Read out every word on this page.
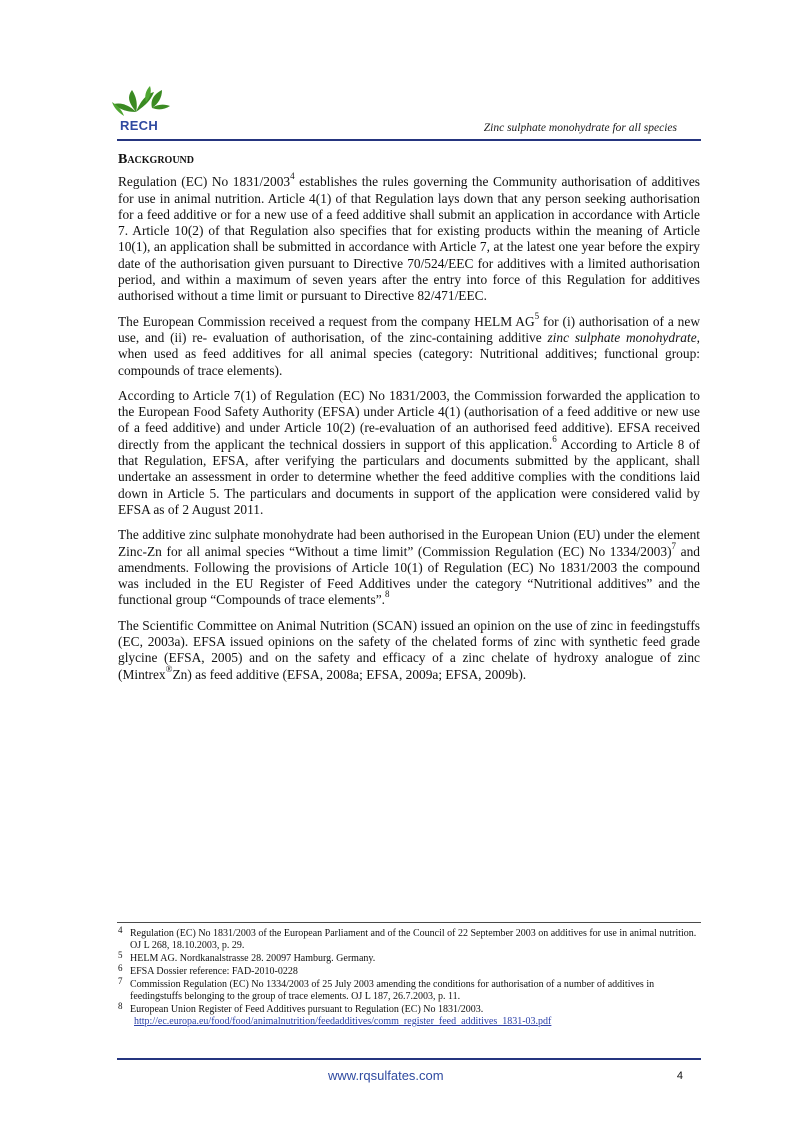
RECH	Zinc sulphate monohydrate for all species
Background

Regulation (EC) No 1831/2003$^4$ establishes the rules governing the Community authorisation of additives for use in animal nutrition. Article 4(1) of that Regulation lays down that any person seeking authorisation for a feed additive or for a new use of a feed additive shall submit an application in accordance with Article 7. Article 10(2) of that Regulation also specifies that for existing products within the meaning of Article 10(1), an application shall be submitted in accordance with Article 7, at the latest one year before the expiry date of the authorisation given pursuant to Directive 70/524/EEC for additives with a limited authorisation period, and within a maximum of seven years after the entry into force of this Regulation for additives authorised without a time limit or pursuant to Directive 82/471/EEC.

The European Commission received a request from the company HELM $AG^5$ for (i) authorisation of a new use, and (ii) re- evaluation of authorisation, of the zinc-containing additive zinc sulphate monohydrate, when used as feed additives for all animal species (category: Nutritional additives; functional group: compounds of trace elements).

According to Article 7(1) of Regulation (EC) No 1831/2003, the Commission forwarded the application to the European Food Safety Authority (EFSA) under Article 4(1) (authorisation of a feed additive or new use of a feed additive) and under Article 10(2) (re-evaluation of an authorised feed additive). EFSA received directly from the applicant the technical dossiers in support of this application.$^6$ According to Article 8 of that Regulation, EFSA, after verifying the particulars and documents submitted by the applicant, shall undertake an assessment in order to determine whether the feed additive complies with the conditions laid down in Article 5. The particulars and documents in support of the application were considered valid by EFSA as of 2 August 2011.

The additive zinc sulphate monohydrate had been authorised in the European Union (EU) under the element Zinc-Zn for all animal species “Without a time limit” (Commission Regulation (EC) No 1334/2003)$^7$ and amendments. Following the provisions of Article 10(1) of Regulation (EC) No 1831/2003 the compound was included in the EU Register of Feed Additives under the category “Nutritional additives” and the functional group “Compounds of trace elements”.$^8$

The Scientific Committee on Animal Nutrition (SCAN) issued an opinion on the use of zinc in feedingstuffs (EC, 2003a). EFSA issued opinions on the safety of the chelated forms of zinc with synthetic feed grade glycine (EFSA, 2005) and on the safety and efficacy of a zinc chelate of hydroxy analogue of zinc (Mintrex®Zn) as feed additive (EFSA, 2008a; EFSA, 2009a; EFSA, 2009b).

4 Regulation (EC) No 1831/2003 of the European Parliament and of the Council of 22 September 2003 on additives for use in animal nutrition. OJ L 268, 18.10.2003, p. 29.
5 HELM AG. Nordkanalstrasse 28. 20097 Hamburg. Germany.
6 EFSA Dossier reference: FAD-2010-0228
7 Commission Regulation (EC) No 1334/2003 of 25 July 2003 amending the conditions for authorisation of a number of additives in feedingstuffs belonging to the group of trace elements. OJ L 187, 26.7.2003, p. 11.
8 European Union Register of Feed Additives pursuant to Regulation (EC) No 1831/2003.
http://ec.europa.eu/food/food/animalnutrition/feedadditives/comm_register_feed_additives_1831-03.pdf
www.rqsulfates.com	4
